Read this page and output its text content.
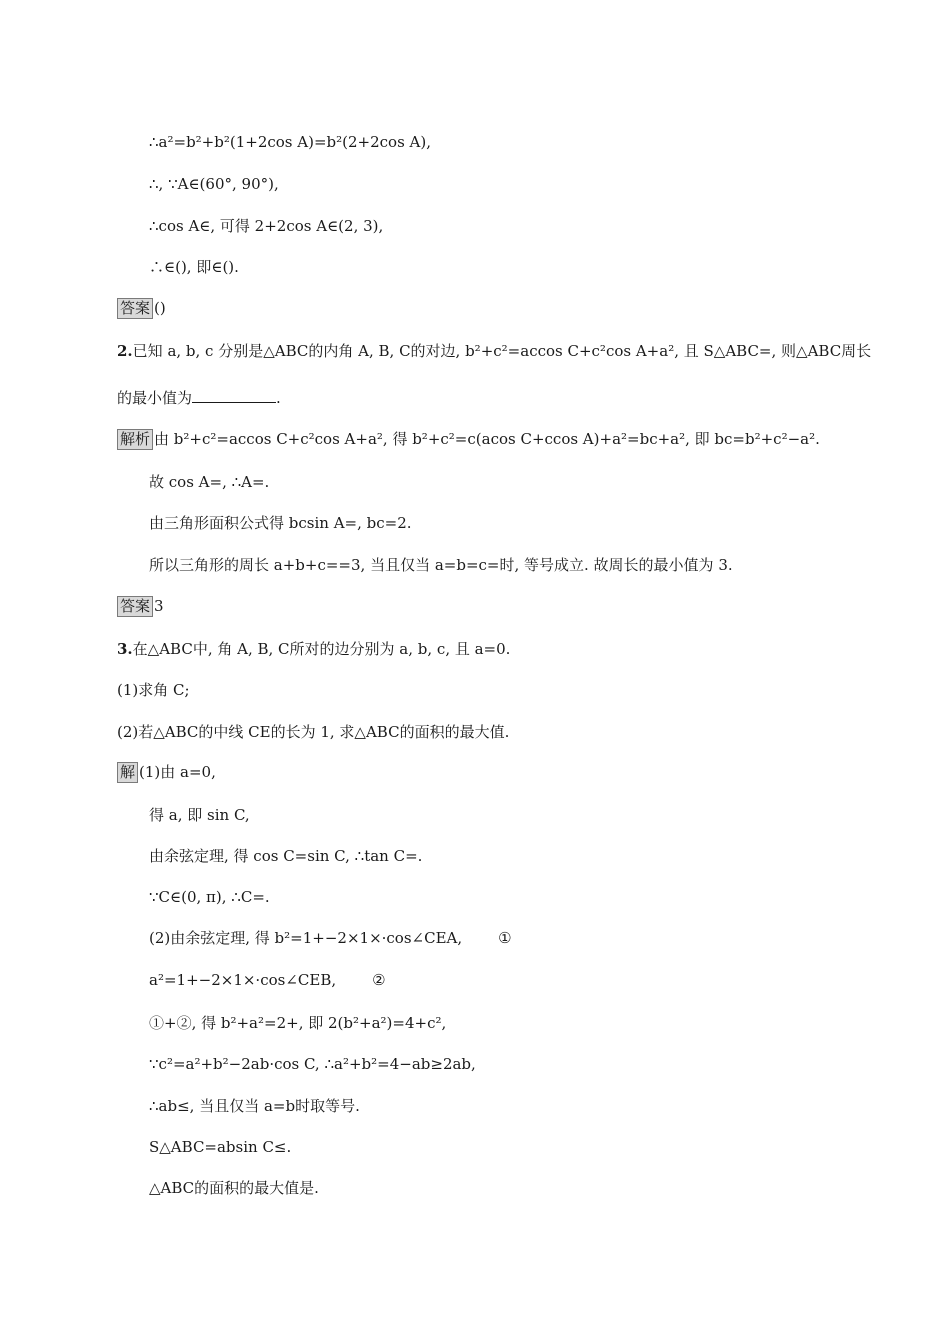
∴a²=b²+b²(1+2cos A)=b²(2+2cos A),
∴, ∵A∈(60°, 90°),
∴cos A∈, 可得 2+2cos A∈(2, 3),
∴∈(), 即∈().
答案 ()
2.已知 a, b, c 分别是△ABC的内角 A, B, C的对边, b²+c²=accos C+c²cos A+a², 且 S△ABC=, 则△ABC周长
的最小值为	.
解析 由 b²+c²=accos C+c²cos A+a², 得 b²+c²=c(acos C+ccos A)+a²=bc+a², 即 bc=b²+c²−a².
故 cos A=, ∴A=.
由三角形面积公式得 bcsin A=, bc=2.
所以三角形的周长 a+b+c==3, 当且仅当 a=b=c=时, 等号成立. 故周长的最小值为 3.
答案 3
3.在△ABC中, 角 A, B, C所对的边分别为 a, b, c, 且 a=0.
(1)求角 C;
(2)若△ABC的中线 CE的长为 1, 求△ABC的面积的最大值.
解 (1)由 a=0,
得 a, 即 sin C,
由余弦定理, 得 cos C=sin C, ∴tan C=.
∵C∈(0, π), ∴C=.
(2)由余弦定理, 得 b²=1+−2×1×·cos∠CEA, ①
a²=1+−2×1×·cos∠CEB, ②
①+②, 得 b²+a²=2+, 即 2(b²+a²)=4+c²,
∵c²=a²+b²−2ab·cos C, ∴a²+b²=4−ab≥2ab,
∴ab≤, 当且仅当 a=b时取等号.
S△ABC=absin C≤.
△ABC的面积的最大值是.
